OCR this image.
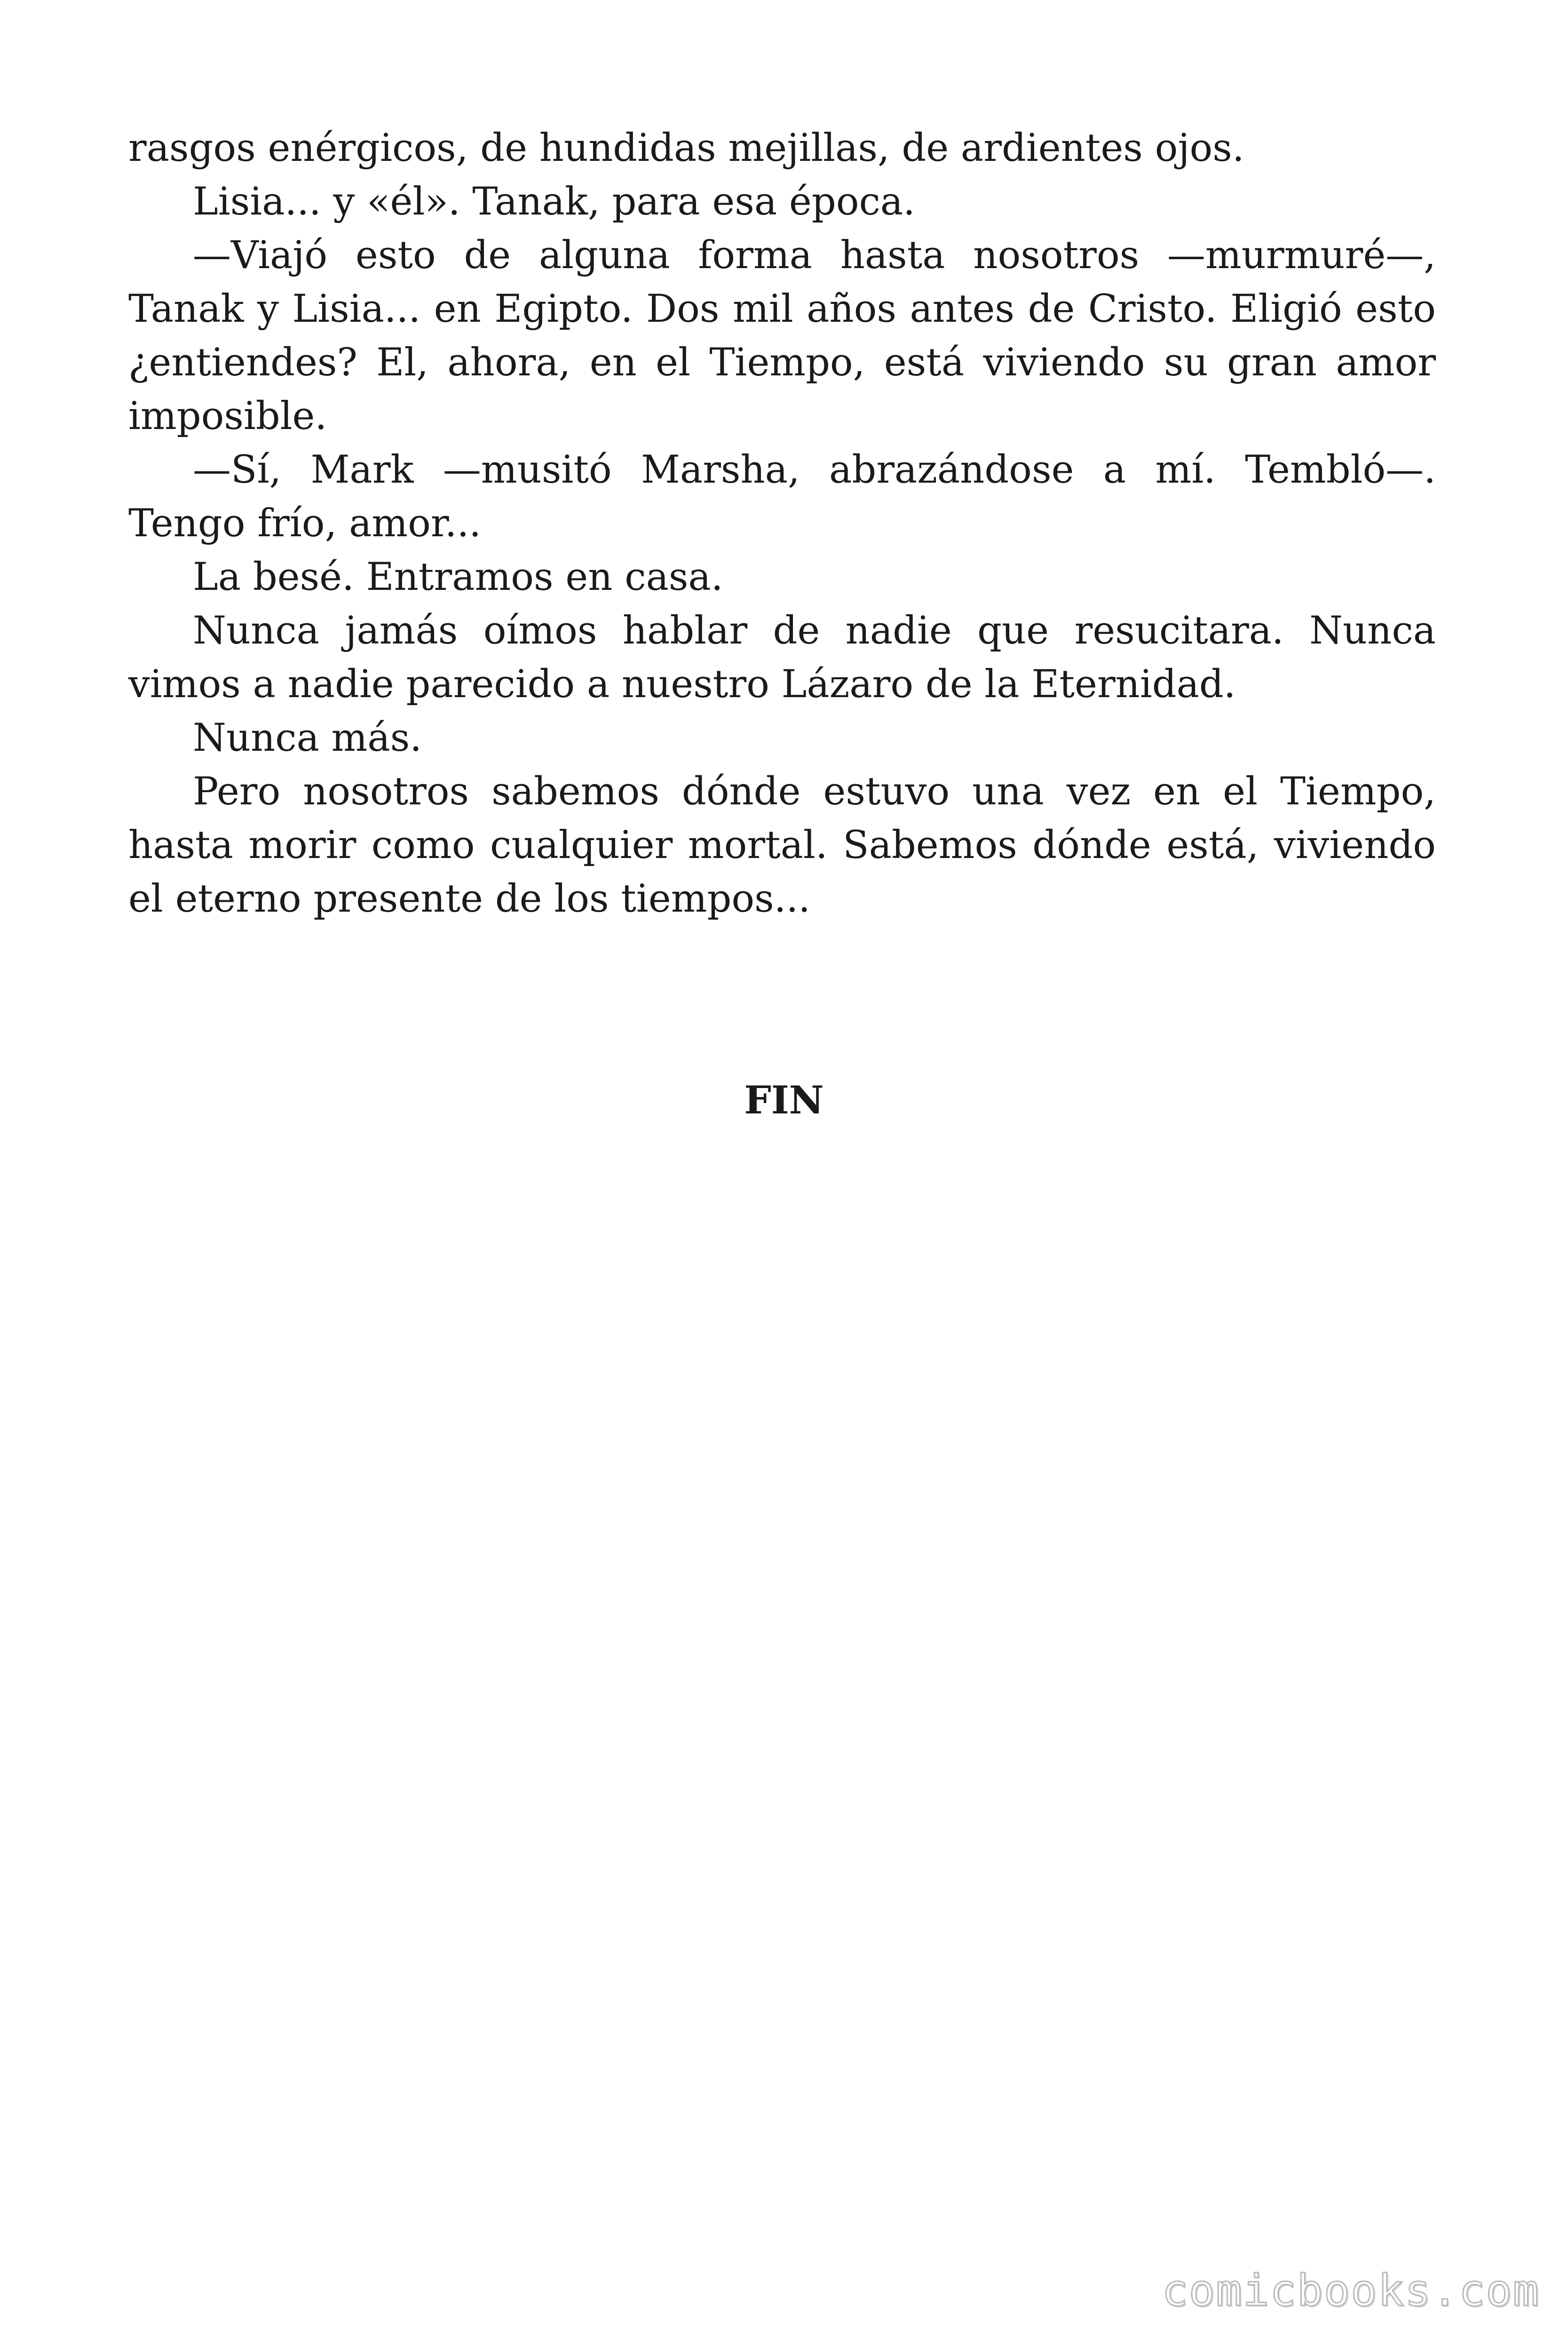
rasgos enérgicos, de hundidas mejillas, de ardientes ojos.

Lisia... y «él». Tanak, para esa época.

—Viajó esto de alguna forma hasta nosotros —murmuré—, Tanak y Lisia... en Egipto. Dos mil años antes de Cristo. Eligió esto ¿entiendes? El, ahora, en el Tiempo, está viviendo su gran amor imposible.

—Sí, Mark —musitó Marsha, abrazándose a mí. Tembló—. Tengo frío, amor...

La besé. Entramos en casa.

Nunca jamás oímos hablar de nadie que resucitara. Nunca vimos a nadie parecido a nuestro Lázaro de la Eternidad.

Nunca más.

Pero nosotros sabemos dónde estuvo una vez en el Tiempo, hasta morir como cualquier mortal. Sabemos dónde está, viviendo el eterno presente de los tiempos...

FIN
comicbooks.com
